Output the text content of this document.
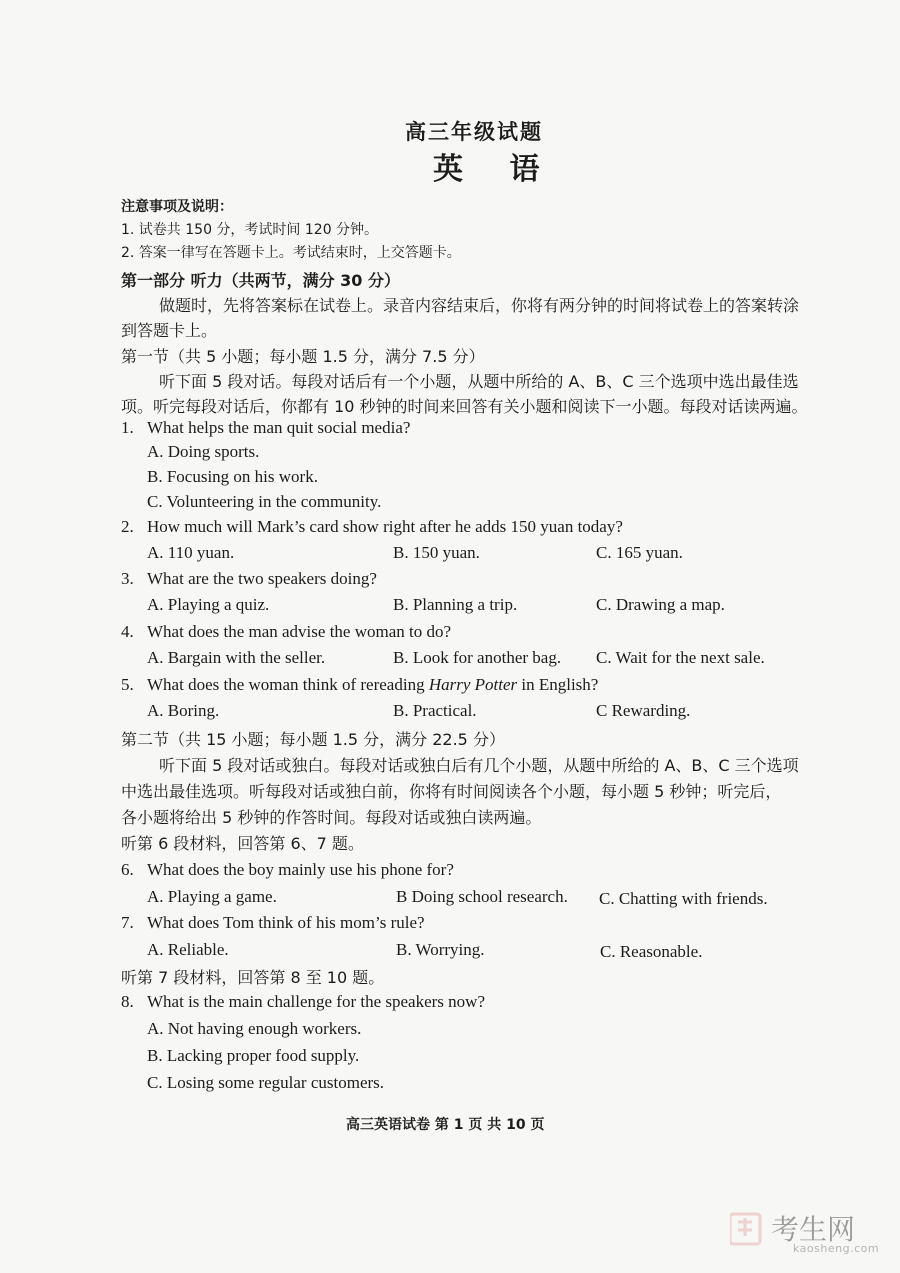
高三年级试题
英 语
注意事项及说明：
1. 试卷共 150 分，考试时间 120 分钟。
2. 答案一律写在答题卡上。考试结束时，上交答题卡。
第一部分 听力（共两节，满分 30 分）
做题时，先将答案标在试卷上。录音内容结束后，你将有两分钟的时间将试卷上的答案转涂
到答题卡上。
第一节（共 5 小题；每小题 1.5 分，满分 7.5 分）
听下面 5 段对话。每段对话后有一个小题，从题中所给的 A、B、C 三个选项中选出最佳选
项。听完每段对话后，你都有 10 秒钟的时间来回答有关小题和阅读下一小题。每段对话读两遍。
1. What helps the man quit social media?
A. Doing sports.
B. Focusing on his work.
C. Volunteering in the community.
2. How much will Mark’s card show right after he adds 150 yuan today?
A. 110 yuan.	B. 150 yuan.	C. 165 yuan.
3. What are the two speakers doing?
A. Playing a quiz.	B. Planning a trip.	C. Drawing a map.
4. What does the man advise the woman to do?
A. Bargain with the seller.	B. Look for another bag. C. Wait for the next sale.
5. What does the woman think of rereading Harry Potter in English?
A. Boring.	B. Practical.	C Rewarding.
第二节（共 15 小题；每小题 1.5 分，满分 22.5 分）
听下面 5 段对话或独白。每段对话或独白后有几个小题，从题中所给的 A、B、C 三个选项
中选出最佳选项。听每段对话或独白前，你将有时间阅读各个小题，每小题 5 秒钟；听完后，
各小题将给出 5 秒钟的作答时间。每段对话或独白读两遍。
听第 6 段材料，回答第 6、7 题。
6. What does the boy mainly use his phone for?
A. Playing a game.	B Doing school research. C. Chatting with friends.
7. What does Tom think of his mom’s rule?
A. Reliable.	B. Worrying.	C. Reasonable.
听第 7 段材料，回答第 8 至 10 题。
8. What is the main challenge for the speakers now?
A. Not having enough workers.
B. Lacking proper food supply.
C. Losing some regular customers.
高三英语试卷 第 1 页 共 10 页
考生网
kaosheng.com
